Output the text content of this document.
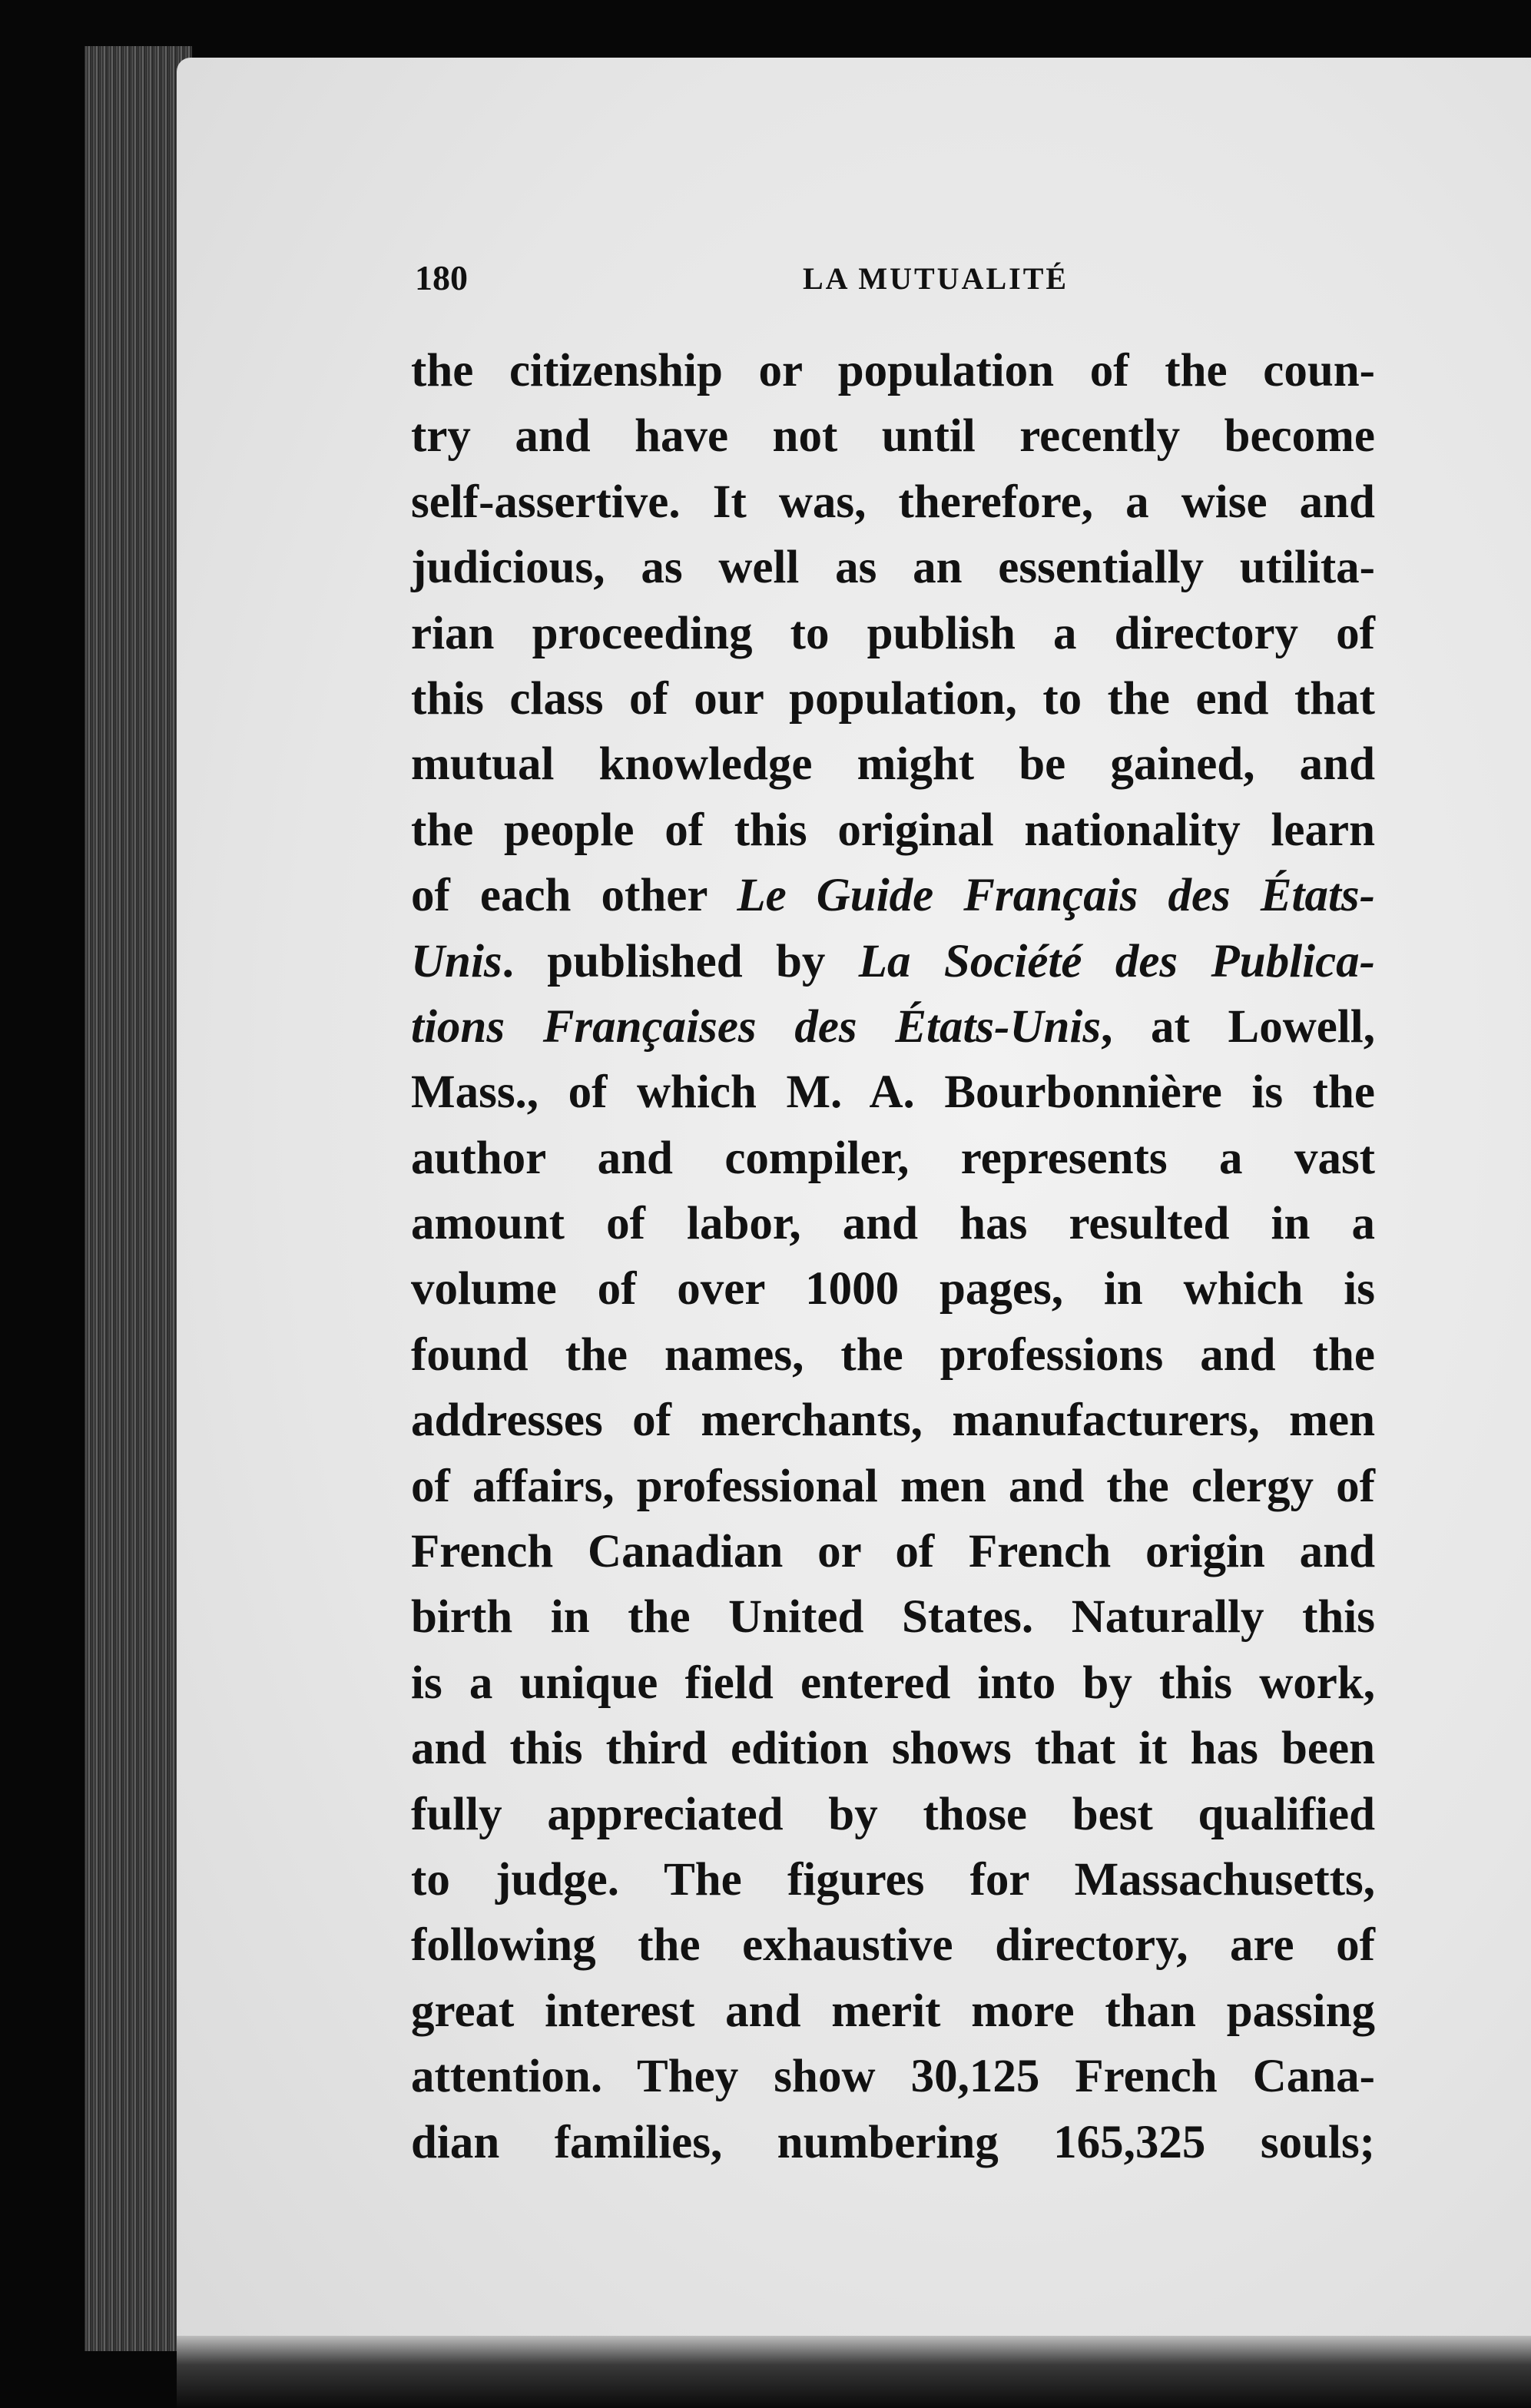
180	LA MUTUALITÉ
the citizenship or population of the coun-
try and have not until recently become
self-assertive. It was, therefore, a wise and
judicious, as well as an essentially utilita-
rian proceeding to publish a directory of
this class of our population, to the end that
mutual knowledge might be gained, and
the people of this original nationality learn
of each other Le Guide Français des États-
Unis. published by La Société des Publica-
tions Françaises des États-Unis, at Lowell,
Mass., of which M. A. Bourbonnière is the
author and compiler, represents a vast
amount of labor, and has resulted in a
volume of over 1000 pages, in which is
found the names, the professions and the
addresses of merchants, manufacturers, men
of affairs, professional men and the clergy of
French Canadian or of French origin and
birth in the United States. Naturally this
is a unique field entered into by this work,
and this third edition shows that it has been
fully appreciated by those best qualified
to judge. The figures for Massachusetts,
following the exhaustive directory, are of
great interest and merit more than passing
attention. They show 30,125 French Cana-
dian families, numbering 165,325 souls;
